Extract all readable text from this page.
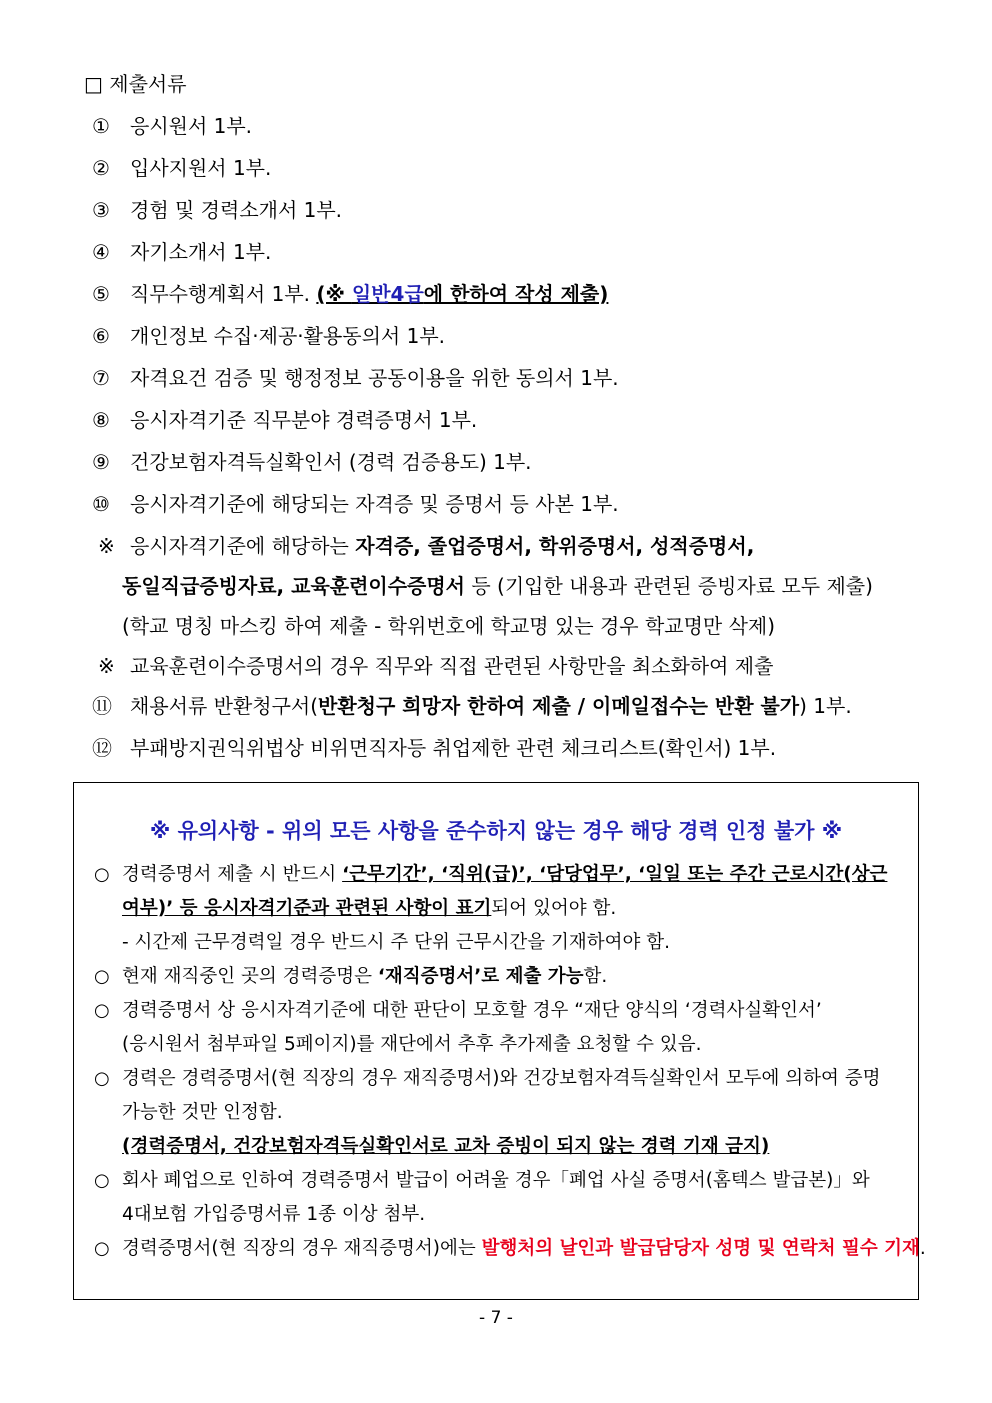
□ 제출서류
①	응시원서 1부.
②	입사지원서 1부.
③	경험 및 경력소개서 1부.
④	자기소개서 1부.
⑤	직무수행계획서 1부. (※ 일반4급에 한하여 작성 제출)
⑥	개인정보 수집·제공·활용동의서 1부.
⑦	자격요건 검증 및 행정정보 공동이용을 위한 동의서 1부.
⑧	응시자격기준 직무분야 경력증명서 1부.
⑨	건강보험자격득실확인서 (경력 검증용도) 1부.
⑩	응시자격기준에 해당되는 자격증 및 증명서 등 사본 1부.
※ 응시자격기준에 해당하는 자격증, 졸업증명서, 학위증명서, 성적증명서,
동일직급증빙자료, 교육훈련이수증명서 등 (기입한 내용과 관련된 증빙자료 모두 제출)
(학교 명칭 마스킹 하여 제출 - 학위번호에 학교명 있는 경우 학교명만 삭제)
※ 교육훈련이수증명서의 경우 직무와 직접 관련된 사항만을 최소화하여 제출
⑪ 채용서류 반환청구서(반환청구 희망자 한하여 제출 / 이메일접수는 반환 불가) 1부.
⑫ 부패방지권익위법상 비위면직자등 취업제한 관련 체크리스트(확인서) 1부.
※ 유의사항 - 위의 모든 사항을 준수하지 않는 경우 해당 경력 인정 불가 ※
○ 경력증명서 제출 시 반드시 ‘근무기간’, ‘직위(급)’, ‘담당업무’, ‘일일 또는 주간 근로시간(상근
여부)’ 등 응시자격기준과 관련된 사항이 표기되어 있어야 함.
- 시간제 근무경력일 경우 반드시 주 단위 근무시간을 기재하여야 함.
○ 현재 재직중인 곳의 경력증명은 ‘재직증명서’로 제출 가능함.
○ 경력증명서 상 응시자격기준에 대한 판단이 모호할 경우 “재단 양식의 ‘경력사실확인서’
(응시원서 첨부파일 5페이지)를 재단에서 추후 추가제출 요청할 수 있음.
○ 경력은 경력증명서(현 직장의 경우 재직증명서)와 건강보험자격득실확인서 모두에 의하여 증명
가능한 것만 인정함.
(경력증명서, 건강보험자격득실확인서로 교차 증빙이 되지 않는 경력 기재 금지)
○ 회사 폐업으로 인하여 경력증명서 발급이 어려울 경우「폐업 사실 증명서(홈텍스 발급본)」와
4대보험 가입증명서류 1종 이상 첨부.
○ 경력증명서(현 직장의 경우 재직증명서)에는 발행처의 날인과 발급담당자 성명 및 연락처 필수 기재.
- 7 -
